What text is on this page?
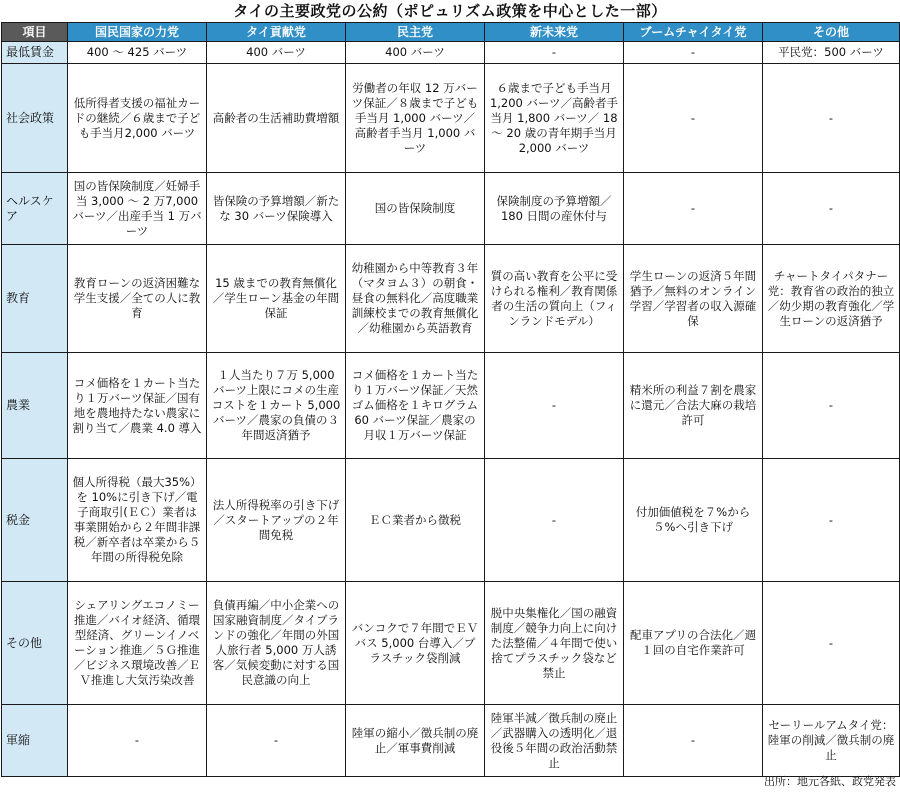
タイの主要政党の公約（ポピュリズム政策を中心とした一部）
項目	国民国家の力党	タイ貢献党	民主党	新未来党	ブームチャイタイ党	その他
最低賃金	400 〜 425 バーツ	400 バーツ	400 バーツ	-	-	平民党：500 バーツ
社会政策	低所得者支援の福祉カードの継続／６歳まで子ども手当月2,000 バーツ	高齢者の生活補助費増額	労働者の年収 12 万バーツ保証／８歳まで子ども手当月 1,000 バーツ／高齢者手当月 1,000 バーツ	６歳まで子ども手当月1,200 バーツ／高齢者手当月 1,800 バーツ／ 18 〜 20 歳の青年期手当月 2,000 バーツ	-	-
ヘルスケア	国の皆保険制度／妊婦手当 3,000 〜 2 万7,000 バーツ／出産手当 1 万バーツ	皆保険の予算増額／新たな 30 バーツ保険導入	国の皆保険制度	保険制度の予算増額／ 180 日間の産休付与	-	-
教育	教育ローンの返済困難な学生支援／全ての人に教育	15 歳までの教育無償化／学生ローン基金の年間保証	幼稚園から中等教育３年（マタヨム３）の朝食・昼食の無料化／高度職業訓練校までの教育無償化／幼稚園から英語教育	質の高い教育を公平に受けられる権利／教育関係者の生活の質向上（フィンランドモデル）	学生ローンの返済５年間猶予／無料のオンライン学習／学習者の収入源確保	チャートタイパタナー党：教育省の政治的独立／幼少期の教育強化／学生ローンの返済猶予
農業	コメ価格を１カート当たり１万バーツ保証／国有地を農地持たない農家に割り当て／農業 4.0 導入	１人当たり７万 5,000 バーツ上限にコメの生産コストを１カート 5,000 バーツ／農家の負債の３年間返済猶予	コメ価格を１カート当たり１万バーツ保証／天然ゴム価格を１キログラム 60 バーツ保証／農家の月収１万バーツ保証	-	精米所の利益７割を農家に還元／合法大麻の栽培許可	-
税金	個人所得税（最大35%）を 10%に引き下げ／電子商取引(ＥＣ）業者は事業開始から２年間非課税／新卒者は卒業から５年間の所得税免除	法人所得税率の引き下げ／スタートアップの２年間免税	ＥＣ業者から徴税	-	付加価値税を７%から５%へ引き下げ	-
その他	シェアリングエコノミー推進／バイオ経済、循環型経済、グリーンイノベーション推進／５Ｇ推進／ビジネス環境改善／ＥＶ推進し大気汚染改善	負債再編／中小企業への国家融資制度／タイブランドの強化／年間の外国人旅行者 5,000 万人誘客／気候変動に対する国民意識の向上	バンコクで７年間でＥＶバス 5,000 台導入／プラスチック袋削減	脱中央集権化／国の融資制度／競争力向上に向けた法整備／４年間で使い捨てプラスチック袋など禁止	配車アプリの合法化／週１回の自宅作業許可	-
軍縮	-	-	陸軍の縮小／徴兵制の廃止／軍事費削減	陸軍半減／徴兵制の廃止／武器購入の透明化／退役後５年間の政治活動禁止	-	セーリールアムタイ党：陸軍の削減／徴兵制の廃止
出所：地元各紙、政党発表
